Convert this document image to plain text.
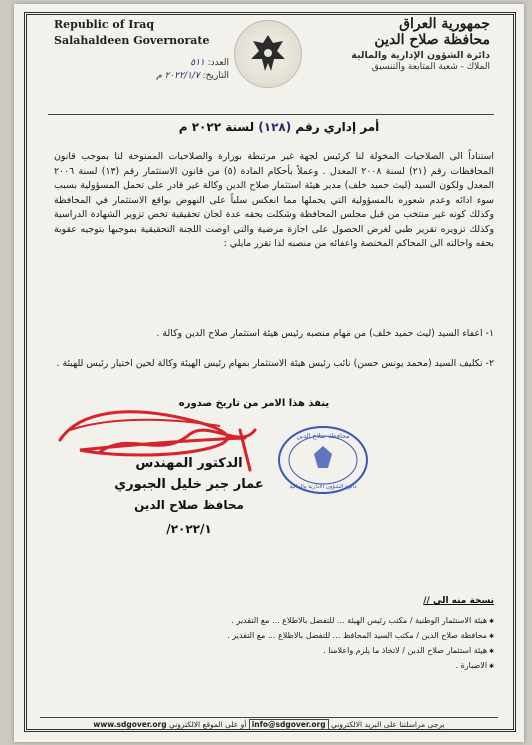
Republic of Iraq
Salahaldeen Governorate
العدد: ٥١١
التاريخ: ٢٠٢٢/١/٧ م
جمهورية العراق
محافظة صلاح الدين
دائرة الشؤون الإدارية والمالية
الملاك - شعبة المتابعة والتنسيق
أمر إداري رقم (١٢٨) لسنة ٢٠٢٢ م
استناداً الى الصلاحيات المخولة لنا كرئيس لجهة غير مرتبطة بوزارة والصلاحيات الممنوحة لنا بموجب قانون المحافظات رقم (٢١) لسنة ٢٠٠٨ المعدل . وعملاً بأحكام المادة (٥) من قانون الاستثمار رقم (١٣) لسنة ٢٠٠٦ المعدل ولكون السيد (ليث حميد خلف) مدير هيئة استثمار صلاح الدين وكالة غير قادر على تحمل المسؤولية بسبب سوء ادائه وعدم شعوره بالمسؤولية التي يحملها مما انعكس سلباً على النهوض بواقع الاستثمار في المحافظة وكذلك كونه غير منتخب من قبل مجلس المحافظة وشكلت بحقه عدة لجان تحقيقية تخص تزوير الشهادة الدراسية وكذلك تزويره تقرير طبي لغرض الحصول على اجازة مرضية والتي اوصت اللجنة التحقيقية بموجبها بتوجيه عقوبة بحقه واحالته الى المحاكم المختصة واعفائه من منصبه لذا تقرر مايلي :
١- اعفاء السيد (ليث حميد خلف) من مهام منصبه رئيس هيئة استثمار صلاح الدين وكالة .
٢- تكليف السيد (محمد يونس حسن) نائب رئيس هيئة الاستثمار بمهام رئيس الهيئة وكالة لحين اختيار رئيس للهيئة .
ينفذ هذا الامر من تاريخ صدوره
محافظة صلاح الدين
دائرة الشؤون الادارية والمالية
الدكتور المهندس
عمار جبر خليل الجبوري
محافظ صلاح الدين
٢٠٢٢/١/
نسخة منه الى //
✱ هيئة الاستثمار الوطنية / مكتب رئيس الهيئة ... للتفضل بالاطلاع ... مع التقدير .
✱ محافظة صلاح الدين / مكتب السيد المحافظ ... للتفضل بالاطلاع ... مع التقدير .
✱ هيئة استثمار صلاح الدين / لاتخاذ ما يلزم واعلامنا .
✱ الاضبارة .
يرجى مراسلتنا على البريد الالكتروني info@sdgover.org أو على الموقع الالكتروني www.sdgover.org
